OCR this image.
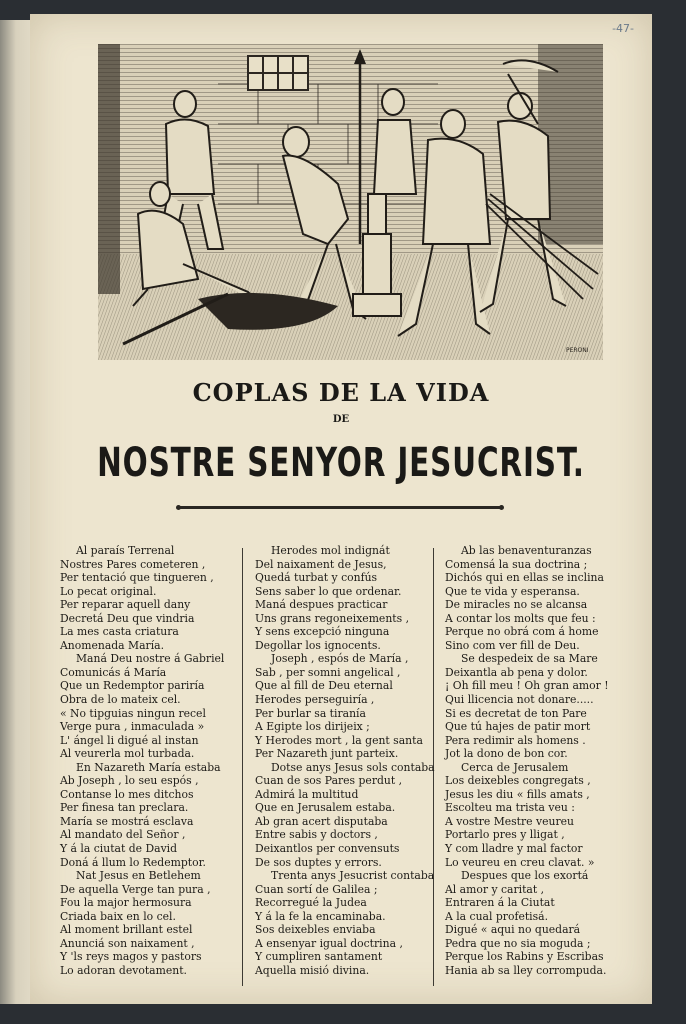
-47-
PERONI
COPLAS DE LA VIDA
DE
NOSTRE SENYOR JESUCRIST.
Al paraís Terrenal
Nostres Pares cometeren ,
Per tentació que tingueren ,
Lo pecat original.
Per reparar aquell dany
Decretá Deu que vindria
La mes casta criatura
Anomenada María.
Maná Deu nostre á Gabriel
Comunicás á María
Que un Redemptor pariría
Obra de lo mateix cel.
« No tipguias ningun recel
Verge pura , inmaculada »
L' ángel li digué al instan
Al veurerla mol turbada.
En Nazareth María estaba
Ab Joseph , lo seu espós ,
Contanse lo mes ditchos
Per finesa tan preclara.
María se mostrá esclava
Al mandato del Señor ,
Y á la ciutat de David
Doná á llum lo Redemptor.
Nat Jesus en Betlehem
De aquella Verge tan pura ,
Fou la major hermosura
Criada baix en lo cel.
Al moment brillant estel
Anunciá son naixament ,
Y 'ls reys magos y pastors
Lo adoran devotament.
Herodes mol indignát
Del naixament de Jesus,
Quedá turbat y confús
Sens saber lo que ordenar.
Maná despues practicar
Uns grans regoneixements ,
Y sens excepció ninguna
Degollar los ignocents.
Joseph , espós de María ,
Sab , per somni angelical ,
Que al fill de Deu eternal
Herodes perseguiría ,
Per burlar sa tiranía
A Egipte los dirijeix ;
Y Herodes mort , la gent santa
Per Nazareth junt parteix.
Dotse anys Jesus sols contaba
Cuan de sos Pares perdut ,
Admirá la multitud
Que en Jerusalem estaba.
Ab gran acert disputaba
Entre sabis y doctors ,
Deixantlos per convensuts
De sos duptes y errors.
Trenta anys Jesucrist contaba
Cuan sortí de Galilea ;
Recorregué la Judea
Y á la fe la encaminaba.
Sos deixebles enviaba
A ensenyar igual doctrina ,
Y cumpliren santament
Aquella misió divina.
Ab las benaventuranzas
Comensá la sua doctrina ;
Dichós qui en ellas se inclina
Que te vida y esperansa.
De miracles no se alcansa
A contar los molts que feu :
Perque no obrá com á home
Sino com ver fill de Deu.
Se despedeix de sa Mare
Deixantla ab pena y dolor.
¡ Oh fill meu ! Oh gran amor !
Qui llicencia not donare.....
Si es decretat de ton Pare
Que tú hajes de patir mort
Pera redimir als homens .
Jot la dono de bon cor.
Cerca de Jerusalem
Los deixebles congregats ,
Jesus les diu « fills amats ,
Escolteu ma trista veu :
A vostre Mestre veureu
Portarlo pres y lligat ,
Y com lladre y mal factor
Lo veureu en creu clavat. »
Despues que los exortá
Al amor y caritat ,
Entraren á la Ciutat
A la cual profetisá.
Digué « aqui no quedará
Pedra que no sia moguda ;
Perque los Rabins y Escribas
Hania ab sa lley corrompuda.
